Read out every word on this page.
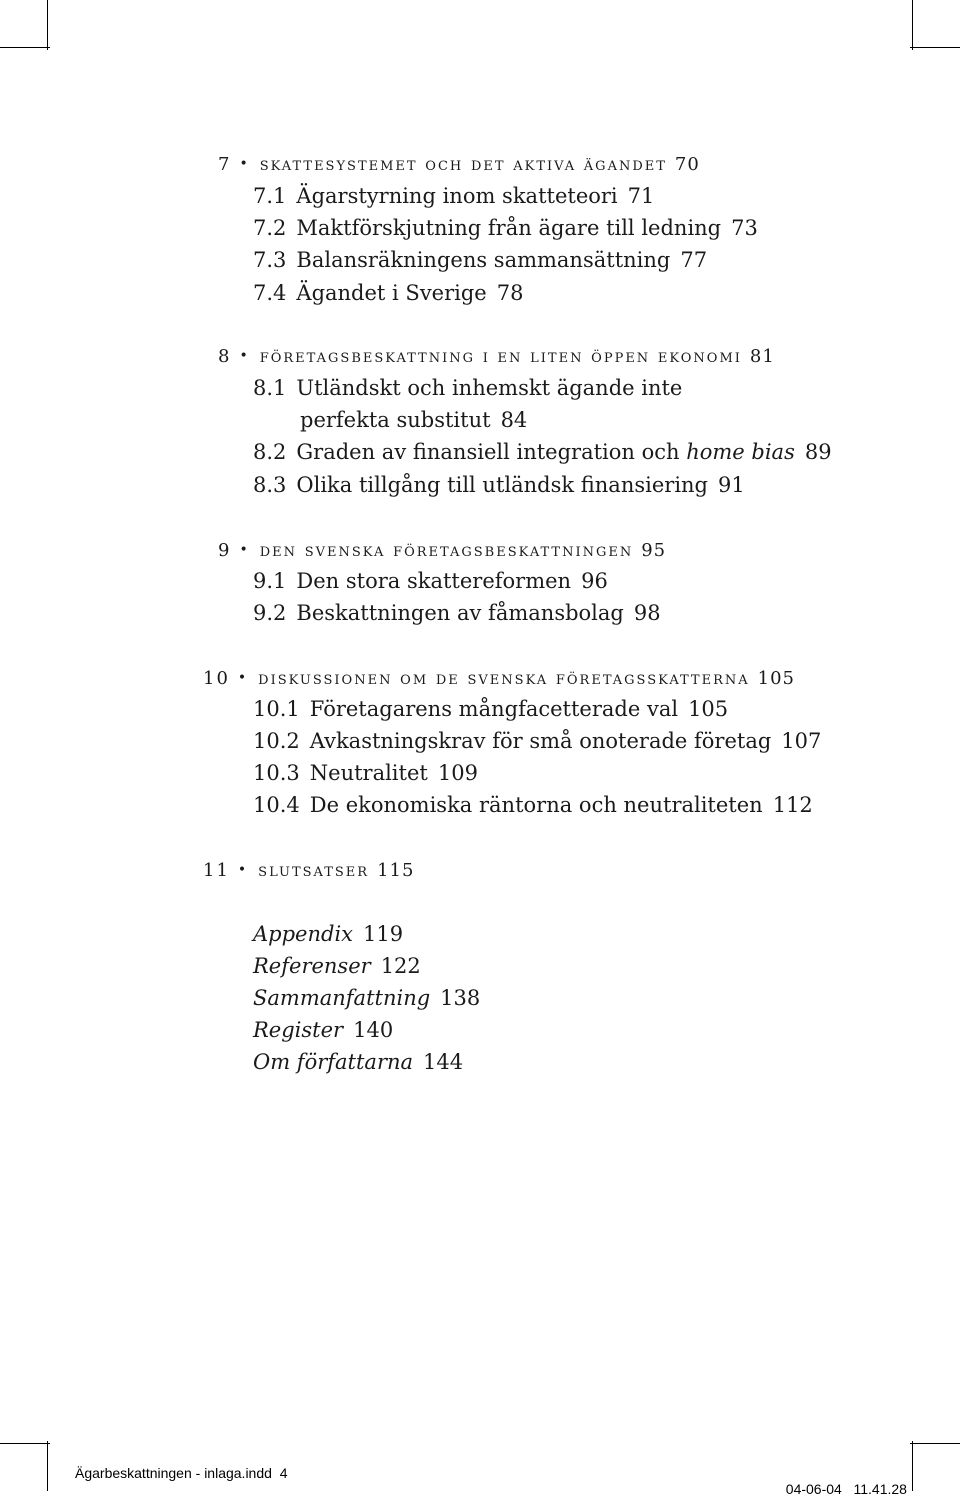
7 • skattesystemet och det aktiva ägandet 70
7.1 Ägarstyrning inom skatteteori 71
7.2 Maktförskjutning från ägare till ledning 73
7.3 Balansräkningens sammansättning 77
7.4 Ägandet i Sverige 78
8 • företagsbeskattning i en liten öppen ekonomi 81
8.1 Utländskt och inhemskt ägande inte
perfekta substitut 84
8.2 Graden av finansiell integration och home bias 89
8.3 Olika tillgång till utländsk finansiering 91
9 • den svenska företagsbeskattningen 95
9.1 Den stora skattereformen 96
9.2 Beskattningen av fåmansbolag 98
10 • diskussionen om de svenska företagsskatterna 105
10.1 Företagarens mångfacetterade val 105
10.2 Avkastningskrav för små onoterade företag 107
10.3 Neutralitet 109
10.4 De ekonomiska räntorna och neutraliteten 112
11 • slutsatser 115
Appendix 119
Referenser 122
Sammanfattning 138
Register 140
Om författarna 144
Ägarbeskattningen - inlaga.indd 4

04-06-04   11.41.28
